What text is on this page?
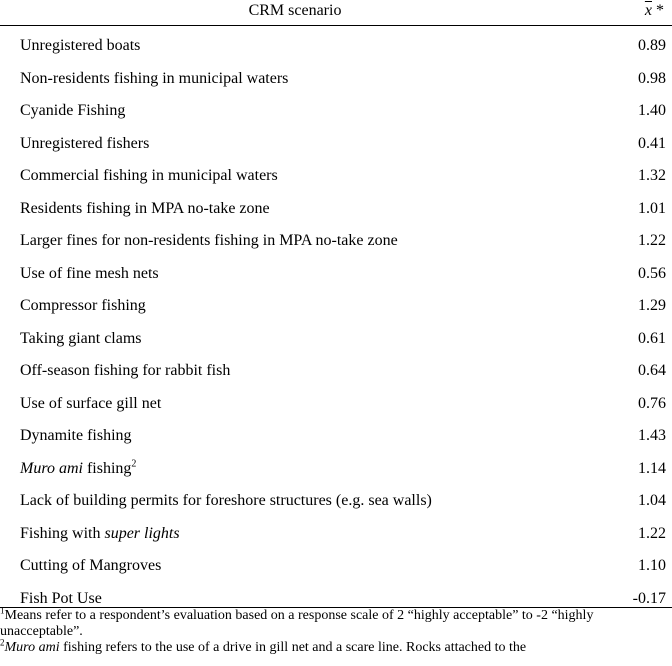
CRM scenario	$\overline{x}$ *
Unregistered boats	0.89
Non-residents fishing in municipal waters	0.98
Cyanide Fishing	1.40
Unregistered fishers	0.41
Commercial fishing in municipal waters	1.32
Residents fishing in MPA no-take zone	1.01
Larger fines for non-residents fishing in MPA no-take zone	1.22
Use of fine mesh nets	0.56
Compressor fishing	1.29
Taking giant clams	0.61
Off-season fishing for rabbit fish	0.64
Use of surface gill net	0.76
Dynamite fishing	1.43
Muro ami fishing$^2$	1.14
Lack of building permits for foreshore structures (e.g. sea walls)	1.04
Fishing with super lights	1.22
Cutting of Mangroves	1.10
Fish Pot Use	-0.17

$^1$Means refer to a respondent’s evaluation based on a response scale of 2 “highly acceptable” to -2 “highly unacceptable”.

$^2$Muro ami fishing refers to the use of a drive in gill net and a scare line. Rocks attached to the
